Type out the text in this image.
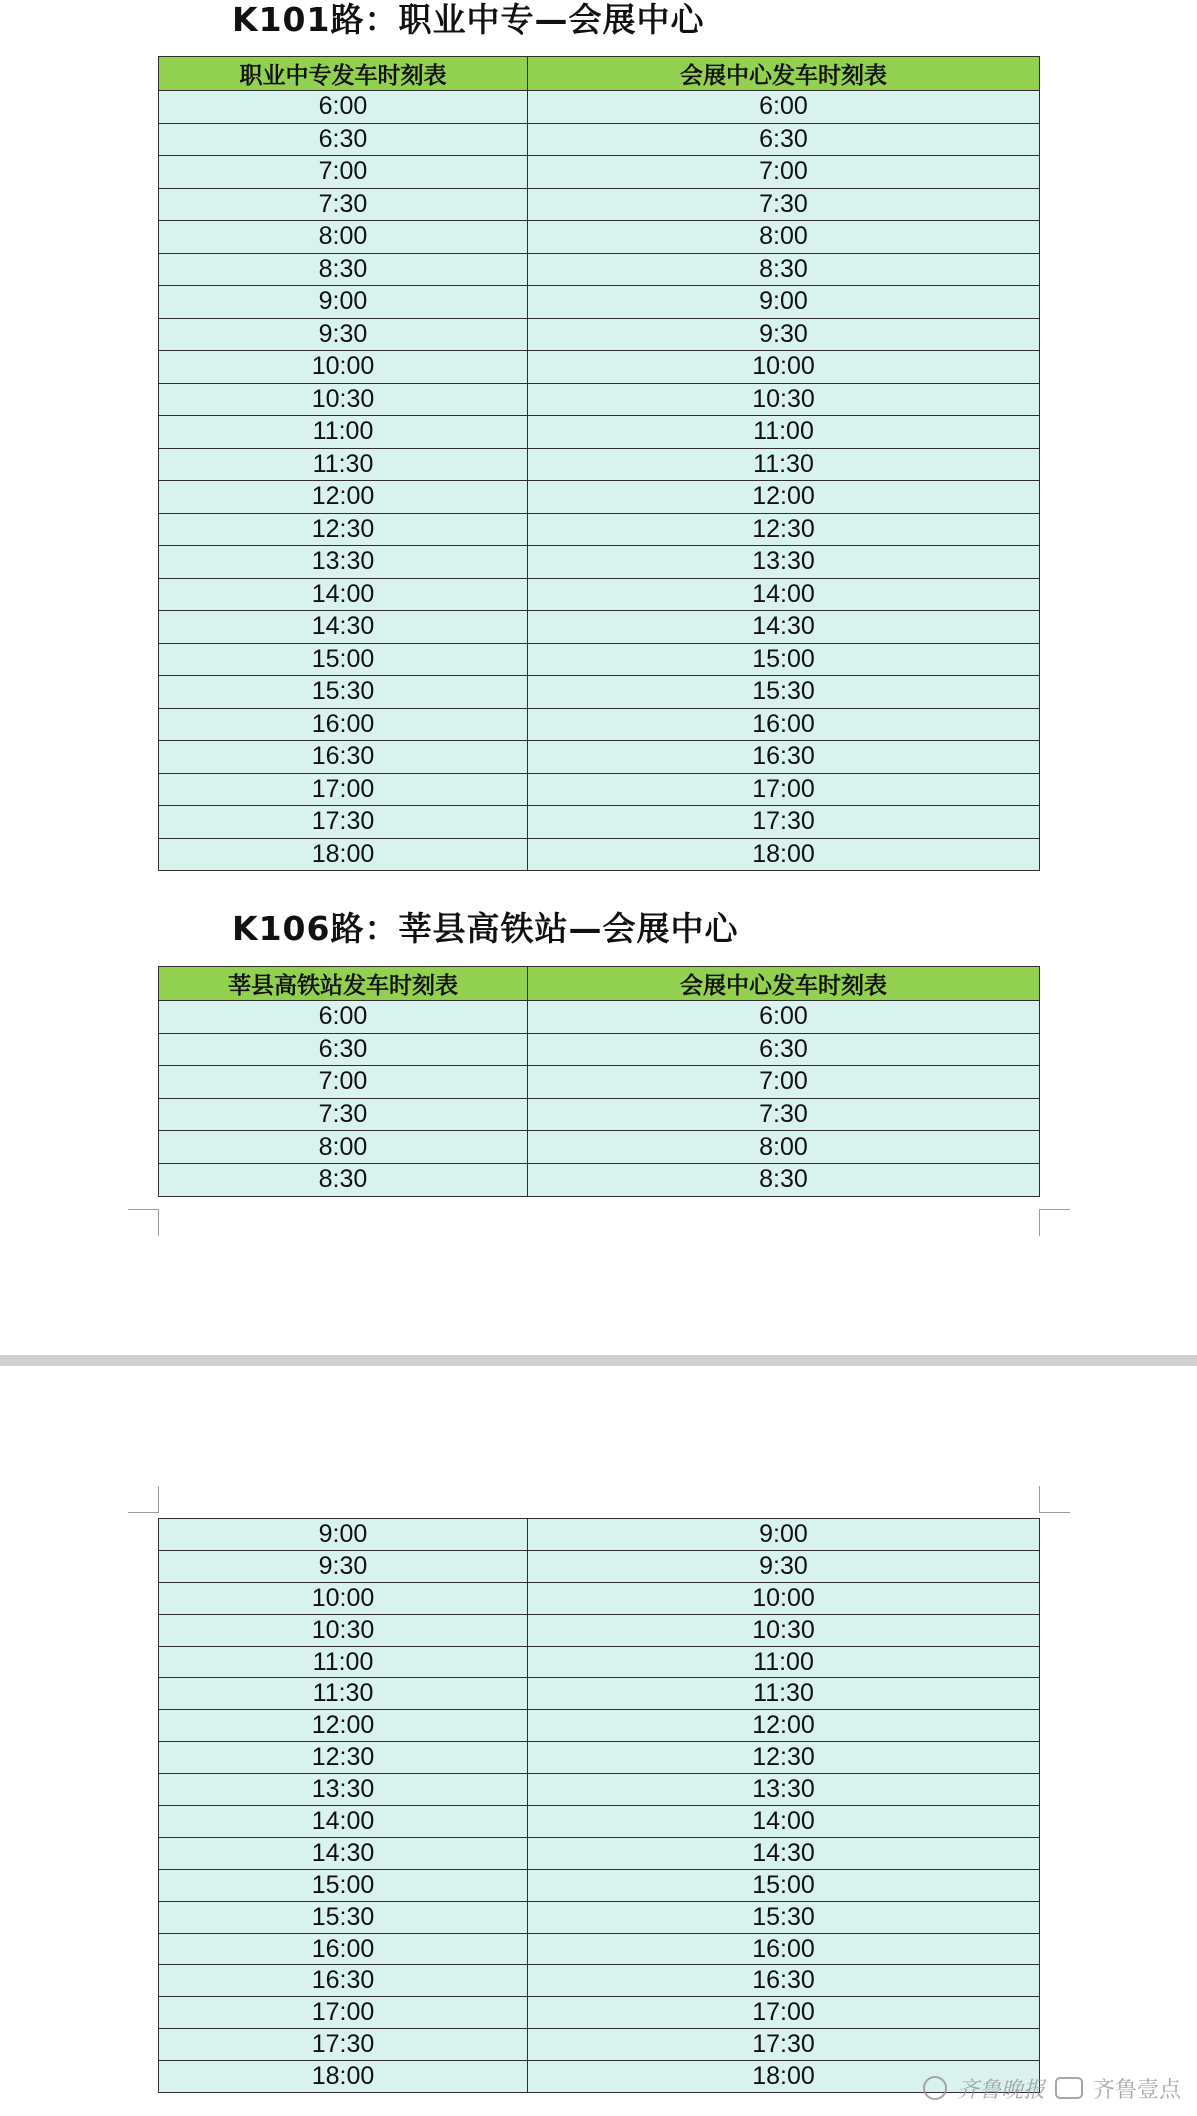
K101路：职业中专—会展中心
职业中专发车时刻表	会展中心发车时刻表
6:00	6:00
6:30	6:30
7:00	7:00
7:30	7:30
8:00	8:00
8:30	8:30
9:00	9:00
9:30	9:30
10:00	10:00
10:30	10:30
11:00	11:00
11:30	11:30
12:00	12:00
12:30	12:30
13:30	13:30
14:00	14:00
14:30	14:30
15:00	15:00
15:30	15:30
16:00	16:00
16:30	16:30
17:00	17:00
17:30	17:30
18:00	18:00
K106路：莘县高铁站—会展中心
莘县高铁站发车时刻表	会展中心发车时刻表
6:00	6:00
6:30	6:30
7:00	7:00
7:30	7:30
8:00	8:00
8:30	8:30
9:00	9:00
9:30	9:30
10:00	10:00
10:30	10:30
11:00	11:00
11:30	11:30
12:00	12:00
12:30	12:30
13:30	13:30
14:00	14:00
14:30	14:30
15:00	15:00
15:30	15:30
16:00	16:00
16:30	16:30
17:00	17:00
17:30	17:30
18:00	18:00	齐鲁晚报 齐鲁壹点
